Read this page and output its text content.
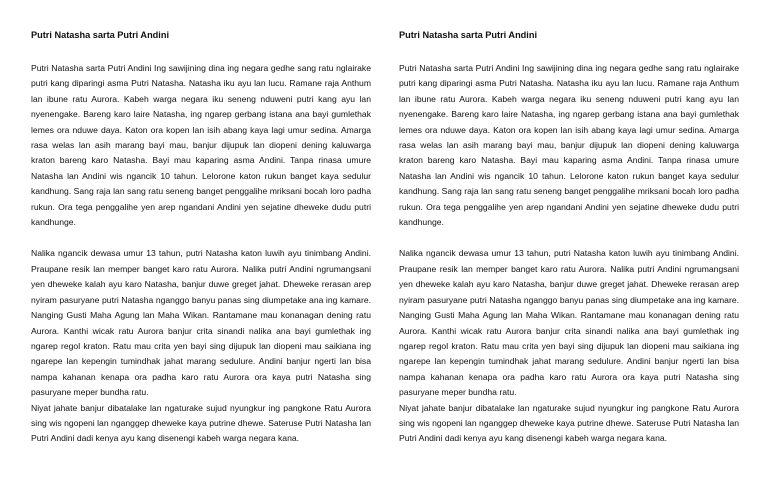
Putri Natasha sarta Putri Andini

Putri Natasha sarta Putri Andini Ing sawijining dina ing negara gedhe sang ratu nglairake putri kang diparingi asma Putri Natasha. Natasha iku ayu lan lucu. Ramane raja Anthum lan ibune ratu Aurora. Kabeh warga negara iku seneng nduweni putri kang ayu lan nyenengake. Bareng karo laire Natasha, ing ngarep gerbang istana ana bayi gumlethak lemes ora nduwe daya. Katon ora kopen lan isih abang kaya lagi umur sedina. Amarga rasa welas lan asih marang bayi mau, banjur dijupuk lan diopeni dening kaluwarga kraton bareng karo Natasha. Bayi mau kaparing asma Andini. Tanpa rinasa umure Natasha lan Andini wis ngancik 10 tahun. Lelorone katon rukun banget kaya sedulur kandhung. Sang raja lan sang ratu seneng banget penggalihe mriksani bocah loro padha rukun. Ora tega penggalihe yen arep ngandani Andini yen sejatine dheweke dudu putri kandhunge.

Nalika ngancik dewasa umur 13 tahun, putri Natasha katon luwih ayu tinimbang Andini. Praupane resik lan memper banget karo ratu Aurora. Nalika putri Andini ngrumangsani yen dheweke kalah ayu karo Natasha, banjur duwe greget jahat. Dheweke rerasan arep nyiram pasuryane putri Natasha nganggo banyu panas sing diumpetake ana ing kamare. Nanging Gusti Maha Agung lan Maha Wikan. Rantamane mau konanagan dening ratu Aurora. Kanthi wicak ratu Aurora banjur crita sinandi nalika ana bayi gumlethak ing ngarep regol kraton. Ratu mau crita yen bayi sing dijupuk lan diopeni mau saikiana ing ngarepe lan kepengin tumindhak jahat marang sedulure. Andini banjur ngerti lan bisa nampa kahanan kenapa ora padha karo ratu Aurora ora kaya putri Natasha sing pasuryane meper bundha ratu.

Niyat jahate banjur dibatalake lan ngaturake sujud nyungkur ing pangkone Ratu Aurora sing wis ngopeni lan nganggep dheweke kaya putrine dhewe. Sateruse Putri Natasha lan Putri Andini dadi kenya ayu kang disenengi kabeh warga negara kana.

Putri Natasha sarta Putri Andini

Putri Natasha sarta Putri Andini Ing sawijining dina ing negara gedhe sang ratu nglairake putri kang diparingi asma Putri Natasha. Natasha iku ayu lan lucu. Ramane raja Anthum lan ibune ratu Aurora. Kabeh warga negara iku seneng nduweni putri kang ayu lan nyenengake. Bareng karo laire Natasha, ing ngarep gerbang istana ana bayi gumlethak lemes ora nduwe daya. Katon ora kopen lan isih abang kaya lagi umur sedina. Amarga rasa welas lan asih marang bayi mau, banjur dijupuk lan diopeni dening kaluwarga kraton bareng karo Natasha. Bayi mau kaparing asma Andini. Tanpa rinasa umure Natasha lan Andini wis ngancik 10 tahun. Lelorone katon rukun banget kaya sedulur kandhung. Sang raja lan sang ratu seneng banget penggalihe mriksani bocah loro padha rukun. Ora tega penggalihe yen arep ngandani Andini yen sejatine dheweke dudu putri kandhunge.

Nalika ngancik dewasa umur 13 tahun, putri Natasha katon luwih ayu tinimbang Andini. Praupane resik lan memper banget karo ratu Aurora. Nalika putri Andini ngrumangsani yen dheweke kalah ayu karo Natasha, banjur duwe greget jahat. Dheweke rerasan arep nyiram pasuryane putri Natasha nganggo banyu panas sing diumpetake ana ing kamare. Nanging Gusti Maha Agung lan Maha Wikan. Rantamane mau konanagan dening ratu Aurora. Kanthi wicak ratu Aurora banjur crita sinandi nalika ana bayi gumlethak ing ngarep regol kraton. Ratu mau crita yen bayi sing dijupuk lan diopeni mau saikiana ing ngarepe lan kepengin tumindhak jahat marang sedulure. Andini banjur ngerti lan bisa nampa kahanan kenapa ora padha karo ratu Aurora ora kaya putri Natasha sing pasuryane meper bundha ratu.

Niyat jahate banjur dibatalake lan ngaturake sujud nyungkur ing pangkone Ratu Aurora sing wis ngopeni lan nganggep dheweke kaya putrine dhewe. Sateruse Putri Natasha lan Putri Andini dadi kenya ayu kang disenengi kabeh warga negara kana.
